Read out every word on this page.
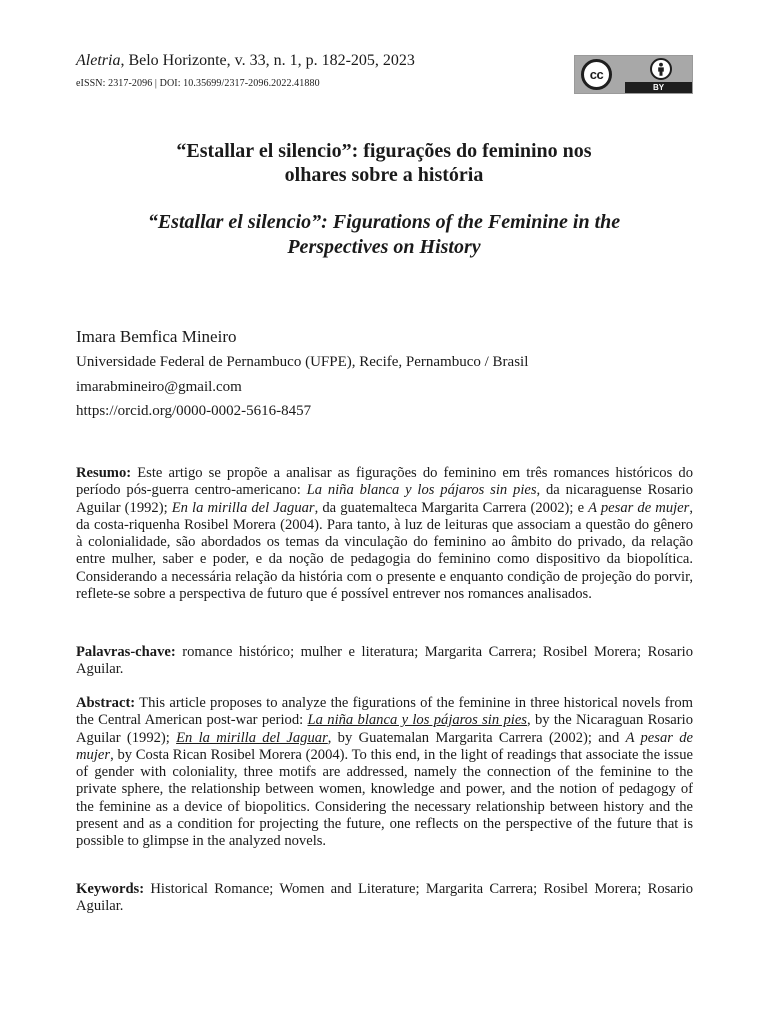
Aletria, Belo Horizonte, v. 33, n. 1, p. 182-205, 2023
eISSN: 2317-2096 | DOI: 10.35699/2317-2096.2022.41880
cc
BY
“Estallar el silencio”: figurações do feminino nos
olhares sobre a história
“Estallar el silencio”: Figurations of the Feminine in the
Perspectives on History
Imara Bemfica Mineiro
Universidade Federal de Pernambuco (UFPE), Recife, Pernambuco / Brasil
imarabmineiro@gmail.com
https://orcid.org/0000-0002-5616-8457
Resumo: Este artigo se propõe a analisar as figurações do feminino em três romances históricos do período pós-guerra centro-americano: La niña blanca y los pájaros sin pies, da nicaraguense Rosario Aguilar (1992); En la mirilla del Jaguar, da guatemalteca Margarita Carrera (2002); e A pesar de mujer, da costa-riquenha Rosibel Morera (2004). Para tanto, à luz de leituras que associam a questão do gênero à colonialidade, são abordados os temas da vinculação do feminino ao âmbito do privado, da relação entre mulher, saber e poder, e da noção de pedagogia do feminino como dispositivo da biopolítica. Considerando a necessária relação da história com o presente e enquanto condição de projeção do porvir, reflete-se sobre a perspectiva de futuro que é possível entrever nos romances analisados.
Palavras-chave: romance histórico; mulher e literatura; Margarita Carrera; Rosibel Morera; Rosario Aguilar.
Abstract: This article proposes to analyze the figurations of the feminine in three historical novels from the Central American post-war period: La niña blanca y los pájaros sin pies, by the Nicaraguan Rosario Aguilar (1992); En la mirilla del Jaguar, by Guatemalan Margarita Carrera (2002); and A pesar de mujer, by Costa Rican Rosibel Morera (2004). To this end, in the light of readings that associate the issue of gender with coloniality, three motifs are addressed, namely the connection of the feminine to the private sphere, the relationship between women, knowledge and power, and the notion of pedagogy of the feminine as a device of biopolitics. Considering the necessary relationship between history and the present and as a condition for projecting the future, one reflects on the perspective of the future that is possible to glimpse in the analyzed novels.
Keywords: Historical Romance; Women and Literature; Margarita Carrera; Rosibel Morera; Rosario Aguilar.
